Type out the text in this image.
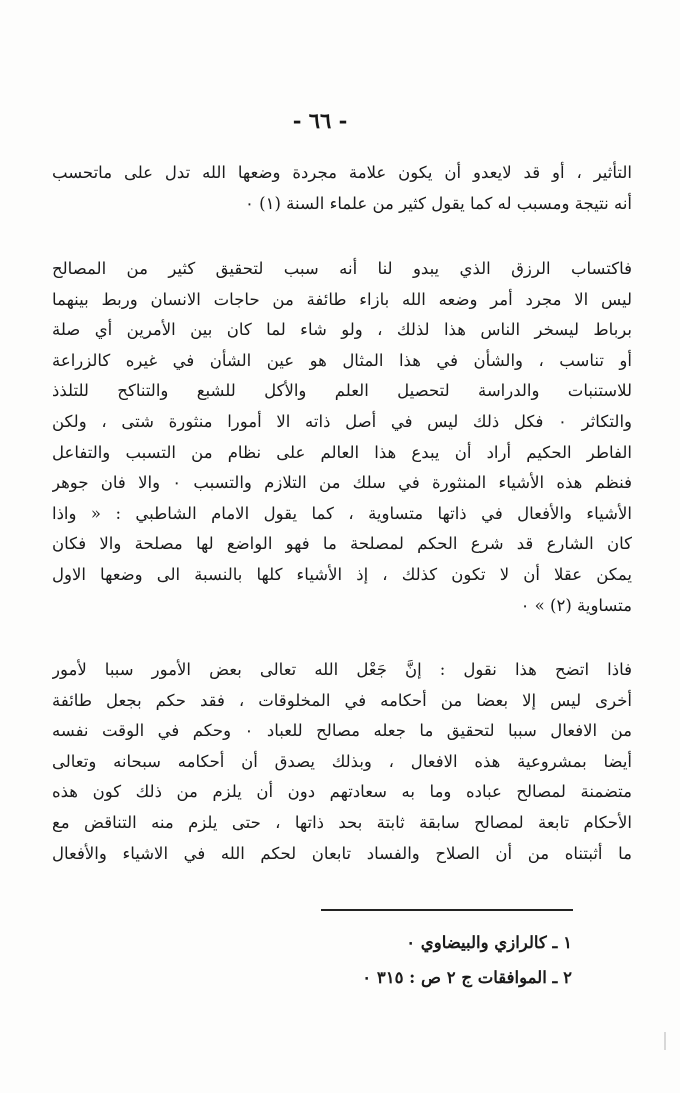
- ٦٦ -

التأثير ، أو قد لايعدو أن يكون علامة مجردة وضعها الله تدل على ماتحسب

أنه نتيجة ومسبب له كما يقول كثير من علماء السنة (١) ٠

فاكتساب الرزق الذي يبدو لنا أنه سبب لتحقيق كثير من المصالح

ليس الا مجرد أمر وضعه الله بازاء طائفة من حاجات الانسان وربط بينهما

برباط ليسخر الناس هذا لذلك ، ولو شاء لما كان بين الأمرين أي صلة

أو تناسب ، والشأن في هذا المثال هو عين الشأن في غيره كالزراعة

للاستنبات والدراسة لتحصيل العلم والأكل للشبع والتناكح للتلذذ

والتكاثر ٠ فكل ذلك ليس في أصل ذاته الا أمورا منثورة شتى ، ولكن

الفاطر الحكيم أراد أن يبدع هذا العالم على نظام من التسبب والتفاعل

فنظم هذه الأشياء المنثورة في سلك من التلازم والتسبب ٠ والا فان جوهر

الأشياء والأفعال في ذاتها متساوية ، كما يقول الامام الشاطبي : « واذا

كان الشارع قد شرع الحكم لمصلحة ما فهو الواضع لها مصلحة والا فكان

يمكن عقلا أن لا تكون كذلك ، إذ الأشياء كلها بالنسبة الى وضعها الاول

متساوية (٢) » ٠

فاذا اتضح هذا نقول : إنَّ جَعْل الله تعالى بعض الأمور سببا لأمور

أخرى ليس إلا بعضا من أحكامه في المخلوقات ، فقد حكم بجعل طائفة

من الافعال سببا لتحقيق ما جعله مصالح للعباد ٠ وحكم في الوقت نفسه

أيضا بمشروعية هذه الافعال ، وبذلك يصدق أن أحكامه سبحانه وتعالى

متضمنة لمصالح عباده وما به سعادتهم دون أن يلزم من ذلك كون هذه

الأحكام تابعة لمصالح سابقة ثابتة بحد ذاتها ، حتى يلزم منه التناقض مع

ما أثبتناه من أن الصلاح والفساد تابعان لحكم الله في الاشياء والأفعال

١ ـ كالرازي والبيضاوي ٠
٢ ـ الموافقات ج ٢ ص : ٣١٥ ٠
